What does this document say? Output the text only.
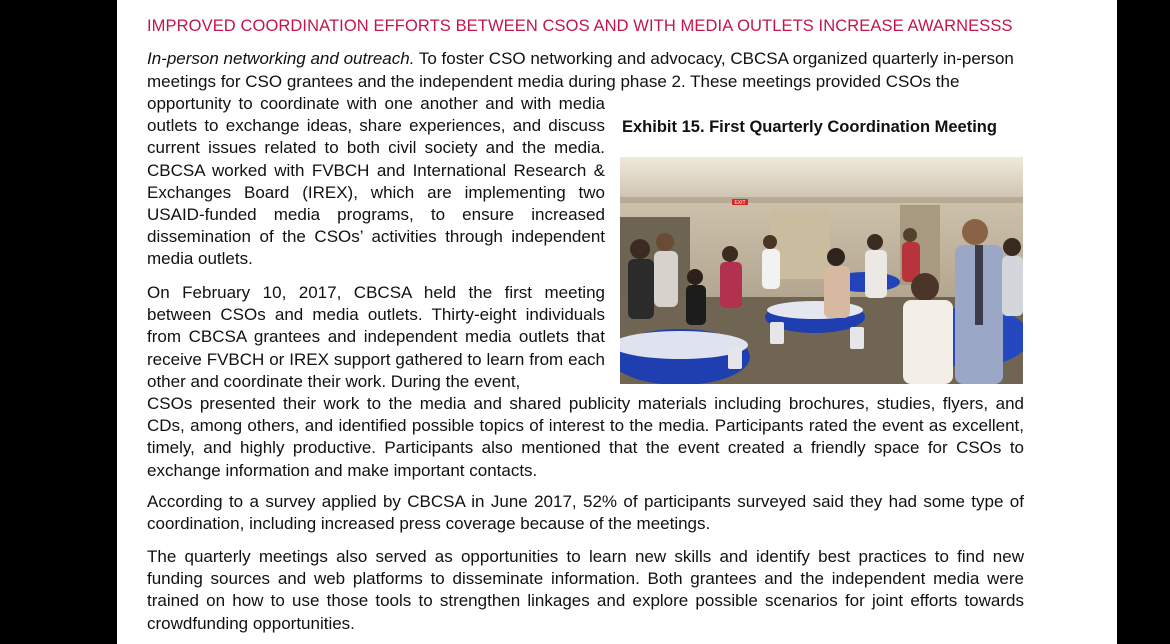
IMPROVED COORDINATION EFFORTS BETWEEN CSOS AND WITH MEDIA OUTLETS INCREASE AWARNESSS
In-person networking and outreach. To foster CSO networking and advocacy, CBCSA organized quarterly in-person
meetings for CSO grantees and the independent media during phase 2. These meetings provided CSOs the
opportunity to coordinate with one another and with media outlets to exchange ideas, share experiences, and discuss current issues related to both civil society and the media. CBCSA worked with FVBCH and International Research & Exchanges Board (IREX), which are implementing two USAID-funded media programs, to ensure increased dissemination of the CSOs’ activities through independent media outlets.
Exhibit 15. First Quarterly Coordination Meeting
EXIT
On February 10, 2017, CBCSA held the first meeting between CSOs and media outlets. Thirty-eight individuals from CBCSA grantees and independent media outlets that receive FVBCH or IREX support gathered to learn from each other and coordinate their work. During the event,
CSOs presented their work to the media and shared publicity materials including brochures, studies, flyers, and CDs, among others, and identified possible topics of interest to the media. Participants rated the event as excellent, timely, and highly productive. Participants also mentioned that the event created a friendly space for CSOs to exchange information and make important contacts.
According to a survey applied by CBCSA in June 2017, 52% of participants surveyed said they had some type of coordination, including increased press coverage because of the meetings.
The quarterly meetings also served as opportunities to learn new skills and identify best practices to find new funding sources and web platforms to disseminate information. Both grantees and the independent media were trained on how to use those tools to strengthen linkages and explore possible scenarios for joint efforts towards crowdfunding opportunities.
